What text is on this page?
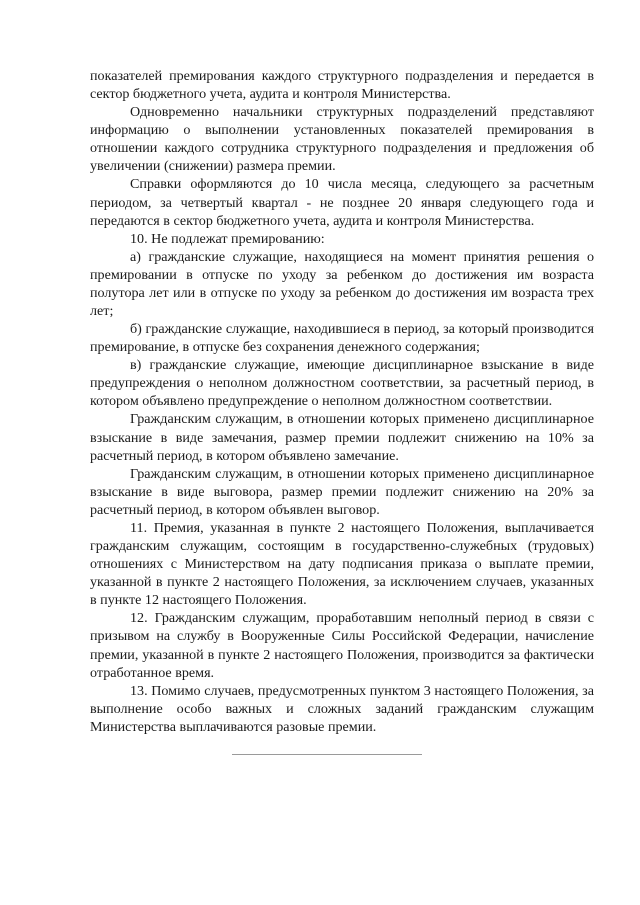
показателей премирования каждого структурного подразделения и передается в сектор бюджетного учета, аудита и контроля Министерства.

Одновременно начальники структурных подразделений представляют информацию о выполнении установленных показателей премирования в отношении каждого сотрудника структурного подразделения и предложения об увеличении (снижении) размера премии.

Справки оформляются до 10 числа месяца, следующего за расчетным периодом, за четвертый квартал - не позднее 20 января следующего года и передаются в сектор бюджетного учета, аудита и контроля Министерства.

10. Не подлежат премированию:

а) гражданские служащие, находящиеся на момент принятия решения о премировании в отпуске по уходу за ребенком до достижения им возраста полутора лет или в отпуске по уходу за ребенком до достижения им возраста трех лет;

б) гражданские служащие, находившиеся в период, за который производится премирование, в отпуске без сохранения денежного содержания;

в) гражданские служащие, имеющие дисциплинарное взыскание в виде предупреждения о неполном должностном соответствии, за расчетный период, в котором объявлено предупреждение о неполном должностном соответствии.

Гражданским служащим, в отношении которых применено дисциплинарное взыскание в виде замечания, размер премии подлежит снижению на 10% за расчетный период, в котором объявлено замечание.

Гражданским служащим, в отношении которых применено дисциплинарное взыскание в виде выговора, размер премии подлежит снижению на 20% за расчетный период, в котором объявлен выговор.

11. Премия, указанная в пункте 2 настоящего Положения, выплачивается гражданским служащим, состоящим в государственно-служебных (трудовых) отношениях с Министерством на дату подписания приказа о выплате премии, указанной в пункте 2 настоящего Положения, за исключением случаев, указанных в пункте 12 настоящего Положения.

12. Гражданским служащим, проработавшим неполный период в связи с призывом на службу в Вооруженные Силы Российской Федерации, начисление премии, указанной в пункте 2 настоящего Положения, производится за фактически отработанное время.

13. Помимо случаев, предусмотренных пунктом 3 настоящего Положения, за выполнение особо важных и сложных заданий гражданским служащим Министерства выплачиваются разовые премии.
